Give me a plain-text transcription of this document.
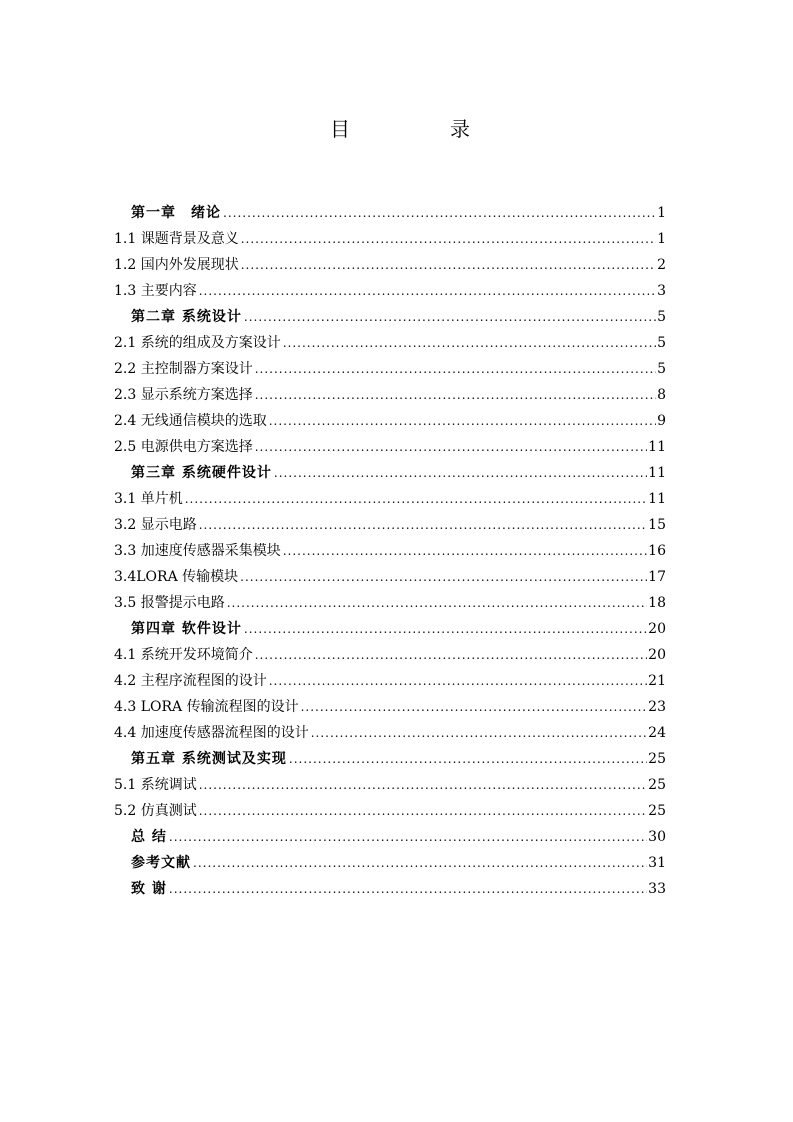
目　录
第一章　绪论 .....	1
1.1 课题背景及意义 .....	1
1.2 国内外发展现状 .....	2
1.3 主要内容 .....	3
第二章 系统设计 .....	5
2.1 系统的组成及方案设计 .....	5
2.2 主控制器方案设计 .....	5
2.3 显示系统方案选择 .....	8
2.4 无线通信模块的选取 .....	9
2.5 电源供电方案选择 .....	11
第三章 系统硬件设计 .....	11
3.1 单片机 .....	11
3.2 显示电路 .....	15
3.3 加速度传感器采集模块 .....	16
3.4LORA 传输模块 .....	17
3.5 报警提示电路 .....	18
第四章 软件设计 .....	20
4.1 系统开发环境简介 .....	20
4.2 主程序流程图的设计 .....	21
4.3 LORA 传输流程图的设计 .....	23
4.4 加速度传感器流程图的设计 .....	24
第五章 系统测试及实现 .....	25
5.1 系统调试 .....	25
5.2 仿真测试 .....	25
总 结 .....	30
参考文献 .....	31
致 谢 .....	33
